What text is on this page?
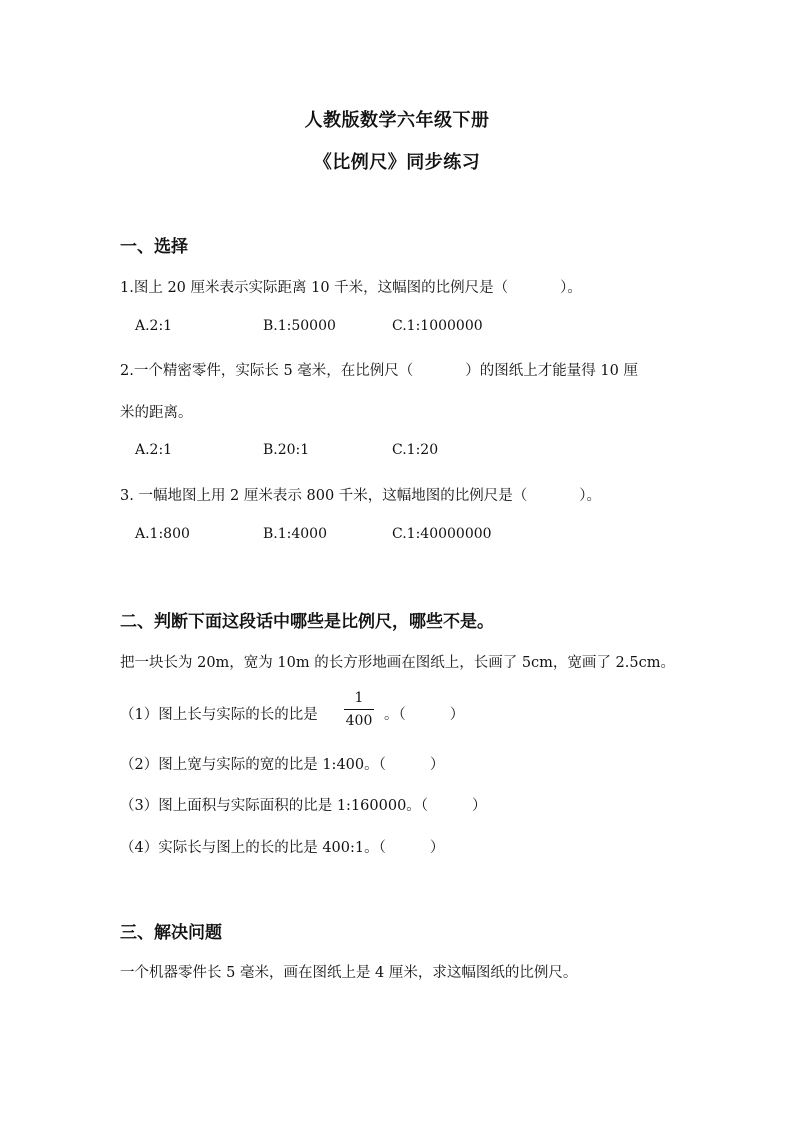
人教版数学六年级下册
《比例尺》同步练习
一、选择
1.图上 20 厘米表示实际距离 10 千米，这幅图的比例尺是（	）。
A.2:1	B.1:50000	C.1:1000000
2.一个精密零件，实际长 5 毫米，在比例尺（	）的图纸上才能量得 10 厘
米的距离。
A.2:1	B.20:1	C.1:20
3. 一幅地图上用 2 厘米表示 800 千米，这幅地图的比例尺是（	）。
A.1:800	B.1:4000	C.1:40000000
二、判断下面这段话中哪些是比例尺，哪些不是。
把一块长为 20m，宽为 10m 的长方形地画在图纸上，长画了 5cm，宽画了 2.5cm。
（1）图上长与实际的长的比是
1
400 。（	）
（2）图上宽与实际的宽的比是 1:400。（	）
（3）图上面积与实际面积的比是 1:160000。（	）
（4）实际长与图上的长的比是 400:1。（	）
三、解决问题
一个机器零件长 5 毫米，画在图纸上是 4 厘米，求这幅图纸的比例尺。
